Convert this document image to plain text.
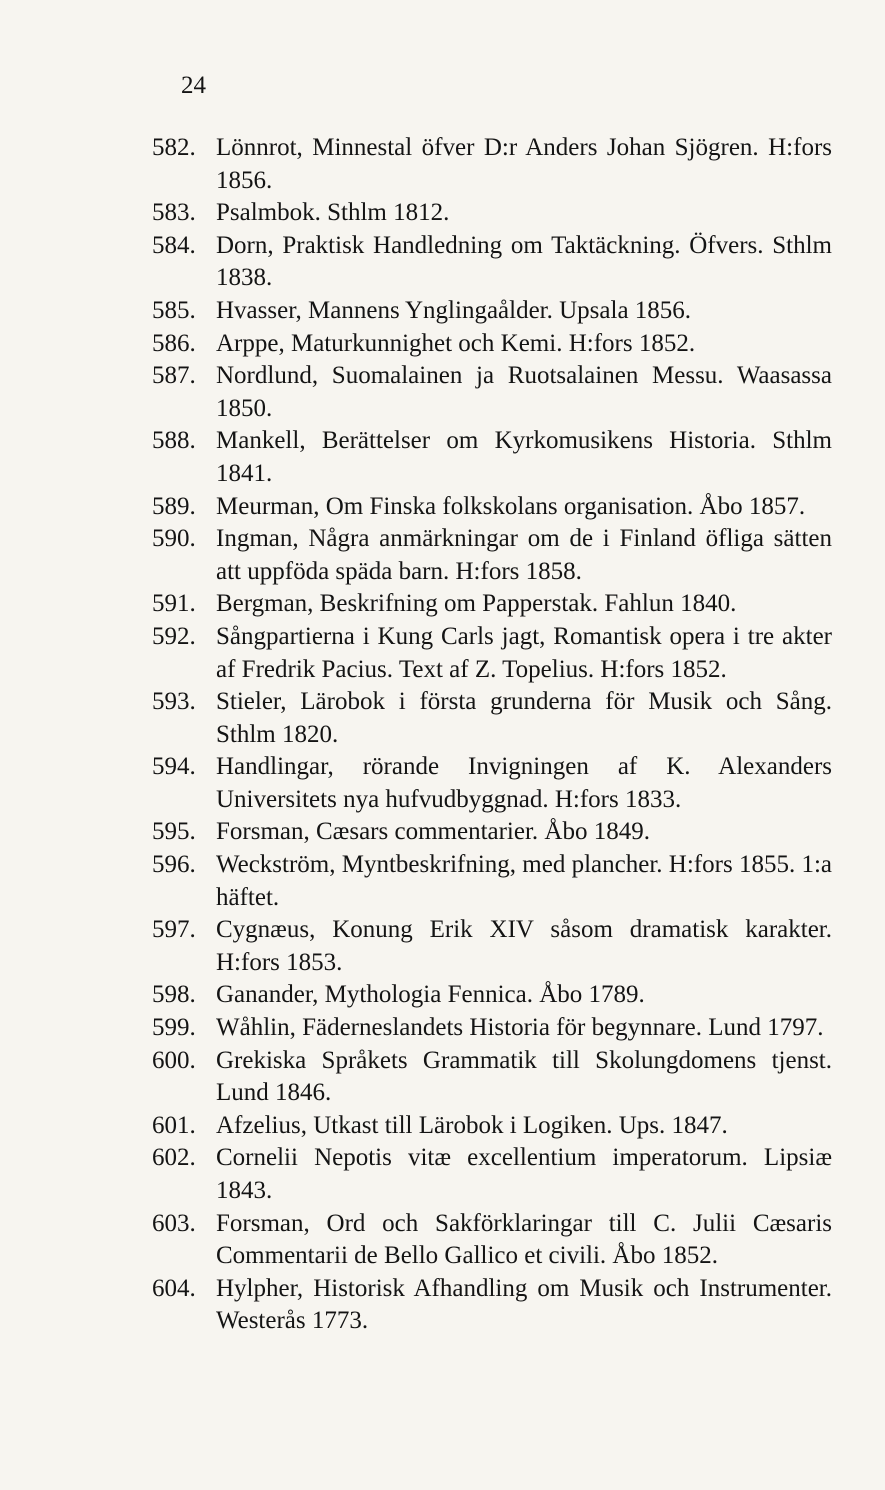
24
582. Lönnrot, Minnestal öfver D:r Anders Johan Sjögren. H:fors 1856.
583. Psalmbok. Sthlm 1812.
584. Dorn, Praktisk Handledning om Taktäckning. Öfvers. Sthlm 1838.
585. Hvasser, Mannens Ynglingaålder. Upsala 1856.
586. Arppe, Maturkunnighet och Kemi. H:fors 1852.
587. Nordlund, Suomalainen ja Ruotsalainen Messu. Waasassa 1850.
588. Mankell, Berättelser om Kyrkomusikens Historia. Sthlm 1841.
589. Meurman, Om Finska folkskolans organisation. Åbo 1857.
590. Ingman, Några anmärkningar om de i Finland öfliga sätten att uppföda späda barn. H:fors 1858.
591. Bergman, Beskrifning om Papperstak. Fahlun 1840.
592. Sångpartierna i Kung Carls jagt, Romantisk opera i tre akter af Fredrik Pacius. Text af Z. Topelius. H:fors 1852.
593. Stieler, Lärobok i första grunderna för Musik och Sång. Sthlm 1820.
594. Handlingar, rörande Invigningen af K. Alexanders Universitets nya hufvudbyggnad. H:fors 1833.
595. Forsman, Cæsars commentarier. Åbo 1849.
596. Weckström, Myntbeskrifning, med plancher. H:fors 1855. 1:a häftet.
597. Cygnæus, Konung Erik XIV såsom dramatisk karakter. H:fors 1853.
598. Ganander, Mythologia Fennica. Åbo 1789.
599. Wåhlin, Fäderneslandets Historia för begynnare. Lund 1797.
600. Grekiska Språkets Grammatik till Skolungdomens tjenst. Lund 1846.
601. Afzelius, Utkast till Lärobok i Logiken. Ups. 1847.
602. Cornelii Nepotis vitæ excellentium imperatorum. Lipsiæ 1843.
603. Forsman, Ord och Sakförklaringar till C. Julii Cæsaris Commentarii de Bello Gallico et civili. Åbo 1852.
604. Hylpher, Historisk Afhandling om Musik och Instrumenter. Westerås 1773.
